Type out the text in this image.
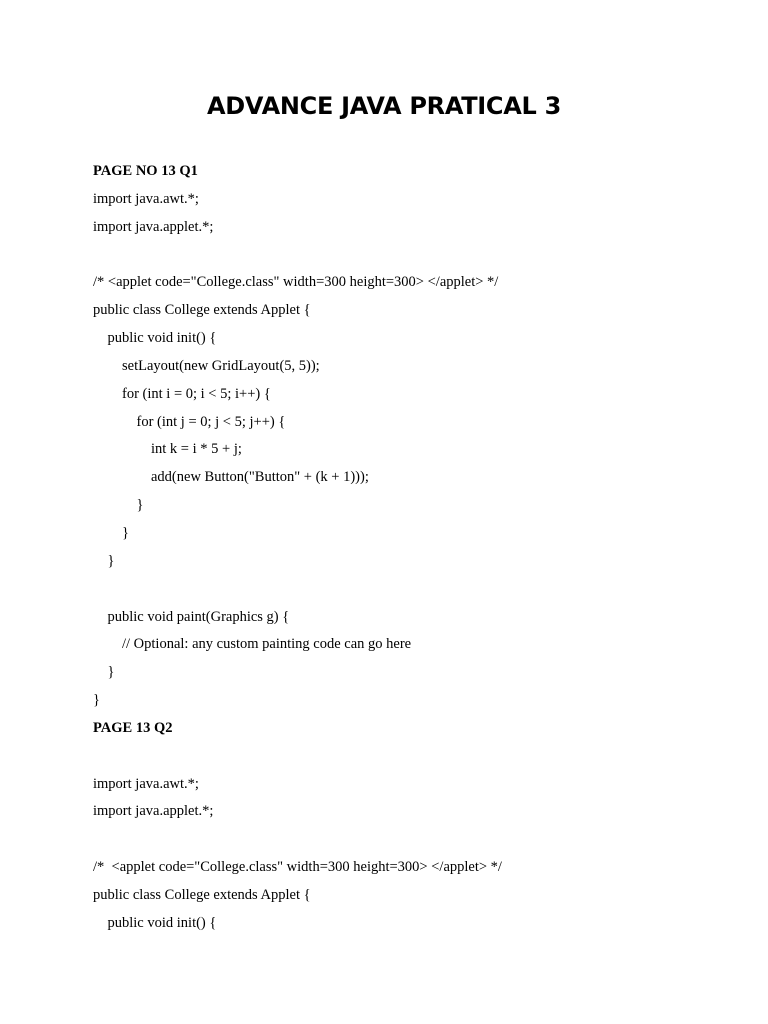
ADVANCE JAVA PRATICAL 3
PAGE NO 13 Q1
import java.awt.*;
import java.applet.*;
/* <applet code="College.class" width=300 height=300> </applet> */
public class College extends Applet {
public void init() {
setLayout(new GridLayout(5, 5));
for (int i = 0; i < 5; i++) {
for (int j = 0; j < 5; j++) {
int k = i * 5 + j;
add(new Button("Button" + (k + 1)));
}
}
}
public void paint(Graphics g) {
// Optional: any custom painting code can go here
}
}
PAGE 13 Q2
import java.awt.*;
import java.applet.*;
/*  <applet code="College.class" width=300 height=300> </applet> */
public class College extends Applet {
public void init() {
